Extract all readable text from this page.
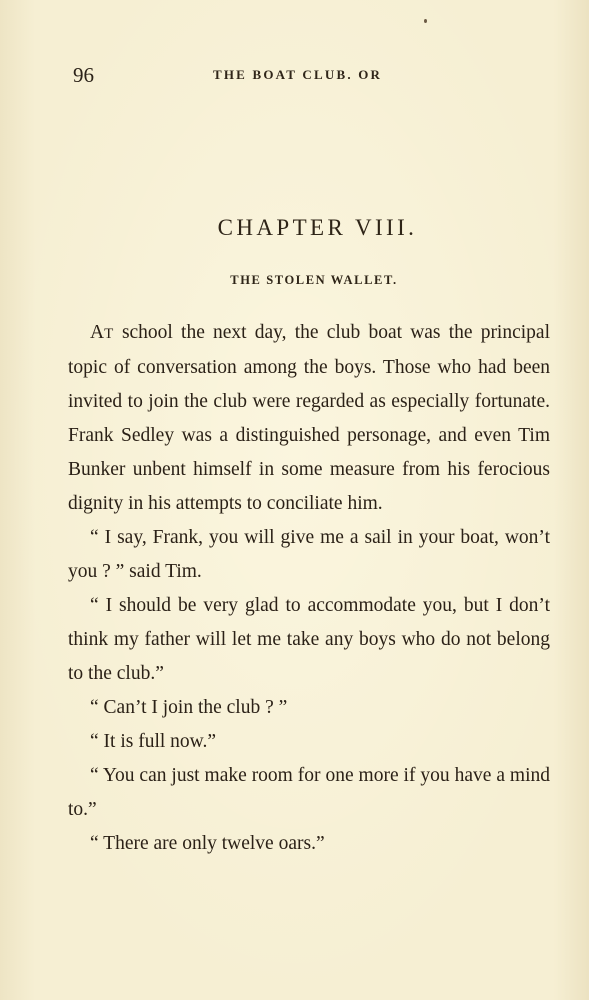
96	THE BOAT CLUB. OR
CHAPTER VIII.
THE STOLEN WALLET.

AT school the next day, the club boat was the principal topic of conversation among the boys. Those who had been invited to join the club were regarded as especially fortunate. Frank Sedley was a distinguished personage, and even Tim Bunker unbent himself in some measure from his ferocious dignity in his attempts to conciliate him.

“ I say, Frank, you will give me a sail in your boat, won’t you ? ” said Tim.

“ I should be very glad to accommodate you, but I don’t think my father will let me take any boys who do not belong to the club.”

“ Can’t I join the club ? ”

“ It is full now.”

“ You can just make room for one more if you have a mind to.”

“ There are only twelve oars.”
